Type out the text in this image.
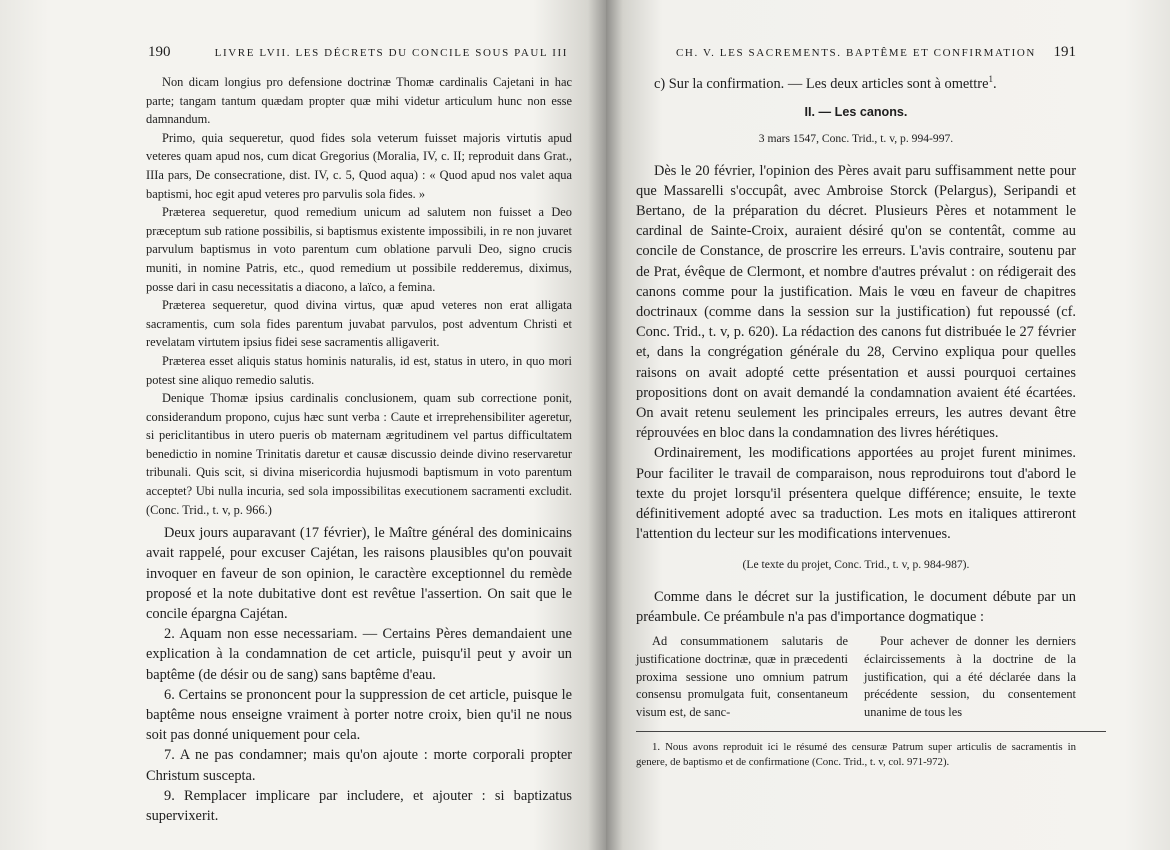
190	LIVRE LVII. LES DÉCRETS DU CONCILE SOUS PAUL III

Non dicam longius pro defensione doctrinæ Thomæ cardinalis Cajetani in hac parte; tangam tantum quædam propter quæ mihi videtur articulum hunc non esse damnandum.

Primo, quia sequeretur, quod fides sola veterum fuisset majoris virtutis apud veteres quam apud nos, cum dicat Gregorius (Moralia, IV, c. II; reproduit dans Grat., IIIa pars, De consecratione, dist. IV, c. 5, Quod aqua) : « Quod apud nos valet aqua baptismi, hoc egit apud veteres pro parvulis sola fides. »

Præterea sequeretur, quod remedium unicum ad salutem non fuisset a Deo præceptum sub ratione possibilis, si baptismus existente impossibili, in re non juvaret parvulum baptismus in voto parentum cum oblatione parvuli Deo, signo crucis muniti, in nomine Patris, etc., quod remedium ut possibile redderemus, diximus, posse dari in casu necessitatis a diacono, a laïco, a femina.

Præterea sequeretur, quod divina virtus, quæ apud veteres non erat alligata sacramentis, cum sola fides parentum juvabat parvulos, post adventum Christi et revelatam virtutem ipsius fidei sese sacramentis alligaverit.

Præterea esset aliquis status hominis naturalis, id est, status in utero, in quo mori potest sine aliquo remedio salutis.

Denique Thomæ ipsius cardinalis conclusionem, quam sub correctione ponit, considerandum propono, cujus hæc sunt verba : Caute et irreprehensibiliter ageretur, si periclitantibus in utero pueris ob maternam ægritudinem vel partus difficultatem benedictio in nomine Trinitatis daretur et causæ discussio deinde divino reservaretur tribunali. Quis scit, si divina misericordia hujusmodi baptismum in voto parentum acceptet? Ubi nulla incuria, sed sola impossibilitas executionem sacramenti excludit. (Conc. Trid., t. v, p. 966.)

Deux jours auparavant (17 février), le Maître général des dominicains avait rappelé, pour excuser Cajétan, les raisons plausibles qu'on pouvait invoquer en faveur de son opinion, le caractère exceptionnel du remède proposé et la note dubitative dont est revêtue l'assertion. On sait que le concile épargna Cajétan.

2. Aquam non esse necessariam. — Certains Pères demandaient une explication à la condamnation de cet article, puisqu'il peut y avoir un baptême (de désir ou de sang) sans baptême d'eau.

6. Certains se prononcent pour la suppression de cet article, puisque le baptême nous enseigne vraiment à porter notre croix, bien qu'il ne nous soit pas donné uniquement pour cela.

7. A ne pas condamner; mais qu'on ajoute : morte corporali propter Christum suscepta.

9. Remplacer implicare par includere, et ajouter : si baptizatus supervixerit.

CH. V. LES SACREMENTS. BAPTÊME ET CONFIRMATION 191
c) Sur la confirmation. — Les deux articles sont à omettre$^1$.
II. — Les canons.
3 mars 1547, Conc. Trid., t. v, p. 994-997.

Dès le 20 février, l'opinion des Pères avait paru suffisamment nette pour que Massarelli s'occupât, avec Ambroise Storck (Pelargus), Seripandi et Bertano, de la préparation du décret. Plusieurs Pères et notamment le cardinal de Sainte-Croix, auraient désiré qu'on se contentât, comme au concile de Constance, de proscrire les erreurs. L'avis contraire, soutenu par de Prat, évêque de Clermont, et nombre d'autres prévalut : on rédigerait des canons comme pour la justification. Mais le vœu en faveur de chapitres doctrinaux (comme dans la session sur la justification) fut repoussé (cf. Conc. Trid., t. v, p. 620). La rédaction des canons fut distribuée le 27 février et, dans la congrégation générale du 28, Cervino expliqua pour quelles raisons on avait adopté cette présentation et aussi pourquoi certaines propositions dont on avait demandé la condamnation avaient été écartées. On avait retenu seulement les principales erreurs, les autres devant être réprouvées en bloc dans la condamnation des livres hérétiques.

Ordinairement, les modifications apportées au projet furent minimes. Pour faciliter le travail de comparaison, nous reproduirons tout d'abord le texte du projet lorsqu'il présentera quelque différence; ensuite, le texte définitivement adopté avec sa traduction. Les mots en italiques attireront l'attention du lecteur sur les modifications intervenues.

(Le texte du projet, Conc. Trid., t. v, p. 984-987).

Comme dans le décret sur la justification, le document débute par un préambule. Ce préambule n'a pas d'importance dogmatique :

Ad consummationem salutaris de justificatione doctrinæ, quæ in præcedenti proxima sessione uno omnium patrum consensu promulgata fuit, consentaneum visum est, de sanc-

Pour achever de donner les derniers éclaircissements à la doctrine de la justification, qui a été déclarée dans la précédente session, du consentement unanime de tous les

1. Nous avons reproduit ici le résumé des censuræ Patrum super articulis de sacramentis in genere, de baptismo et de confirmatione (Conc. Trid., t. v, col. 971-972).
